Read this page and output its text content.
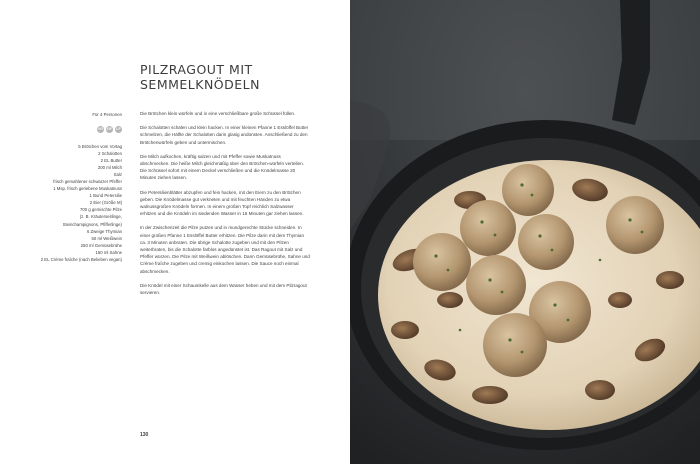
PILZRAGOUT MIT
SEMMELKNÖDELN
Für 4 Personen
VG GF	LF
5 Brötchen vom Vortag
2 Schalotten
2 EL Butter
200 ml Milch
Salz
frisch gemahlener schwarzer Pfeffer
1 Msp. frisch geriebene Muskatnuss
1 Bund Petersilie
2 Eier (Größe M)
700 g gemischte Pilze
(z. B. Kräuterseitlinge,
Steinchampignons, Pfifferlinge)
6 Zweige Thymian
50 ml Weißwein
250 ml Gemüsebrühe
150 ml Sahne
2 EL Crème fraîche (nach Belieben vegan)

Die Brötchen klein würfeln und in eine verschließbare große Schüssel füllen.

Die Schalotten schälen und klein hacken. In einer kleinen Pfanne 1 Esslöffel Butter schmelzen, die Hälfte der Schalotten darin glasig andünsten. Anschließend zu den Brötchenwürfeln geben und untermischen.

Die Milch aufkochen, kräftig salzen und mit Pfeffer sowie Muskatnuss abschmecken. Die heiße Milch gleichmäßig über den Brötchen-würfeln verteilen. Die Schüssel sofort mit einem Deckel verschließen und die Knödelmasse 20 Minuten ziehen lassen.

Die Petersilienblätter abzupfen und fein hacken, mit den Eiern zu den Brötchen geben. Die Knödelmasse gut verkneten und mit feuchten Händen zu etwa walnussgroßen Knödeln formen. In einem großen Topf reichlich Salzwasser erhitzen und die Knödeln im siedenden Wasser in 15 Minuten gar ziehen lassen.

In der Zwischenzeit die Pilze putzen und in mundgerechte Stücke schneiden. In einer großen Pfanne 1 Esslöffel Butter erhitzen. Die Pilze darin mit dem Thymian ca. 3 Minuten anbraten. Die übrige Schalotte zugeben und mit den Pilzen weiterbraten, bis die Schalotte farblos angedünstet ist. Das Ragout mit Salz und Pfeffer würzen. Die Pilze mit Weißwein ablöschen. Dann Gemüsebrühe, Sahne und Crème fraîche zugeben und cremig einkochen lassen. Die Sauce noch einmal abschmecken.

Die Knödel mit einer Schaumkelle aus dem Wasser heben und mit dem Pilzragout servieren.

130
